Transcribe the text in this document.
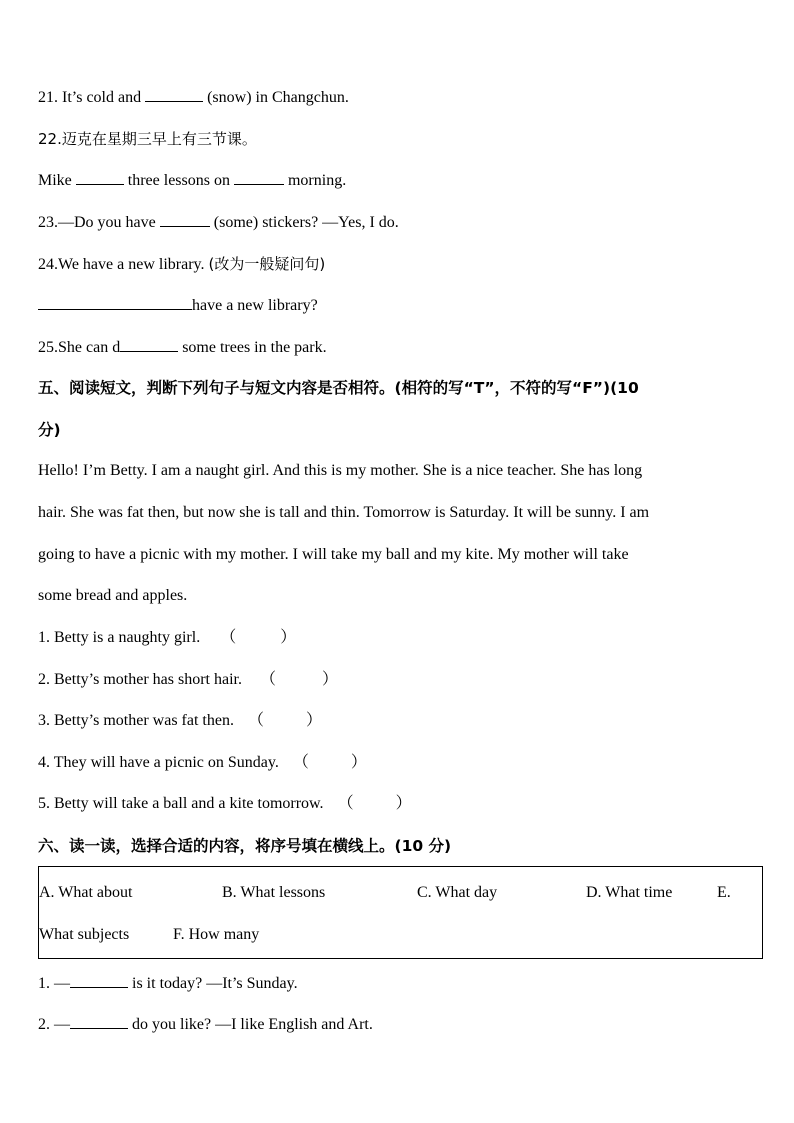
21. It’s cold and	(snow) in Changchun.
22.迈克在星期三早上有三节课。
Mike	three lessons on	morning.
23.—Do you have	(some) stickers? —Yes, I do.
24.We have a new library. (改为一般疑问句)
have a new library?
25.She can d	some trees in the park.
五、阅读短文，判断下列句子与短文内容是否相符。(相符的写“T”，不符的写“F”)(10
分)
Hello! I’m Betty. I am a naught girl. And this is my mother. She is a nice teacher. She has long
hair. She was fat then, but now she is tall and thin. Tomorrow is Saturday. It will be sunny. I am
going to have a picnic with my mother. I will take my ball and my kite. My mother will take
some bread and apples.
1. Betty is a naughty girl. （	）
2. Betty’s mother has short hair. （	）
3. Betty’s mother was fat then. （	）
4. They will have a picnic on Sunday. （	）
5. Betty will take a ball and a kite tomorrow. （	）
六、读一读，选择合适的内容，将序号填在横线上。(10 分)
A. What about	B. What lessons	C. What day	D. What time	E.
What subjects	F. How many
1. —	is it today? —It’s Sunday.
2. —	do you like? —I like English and Art.
